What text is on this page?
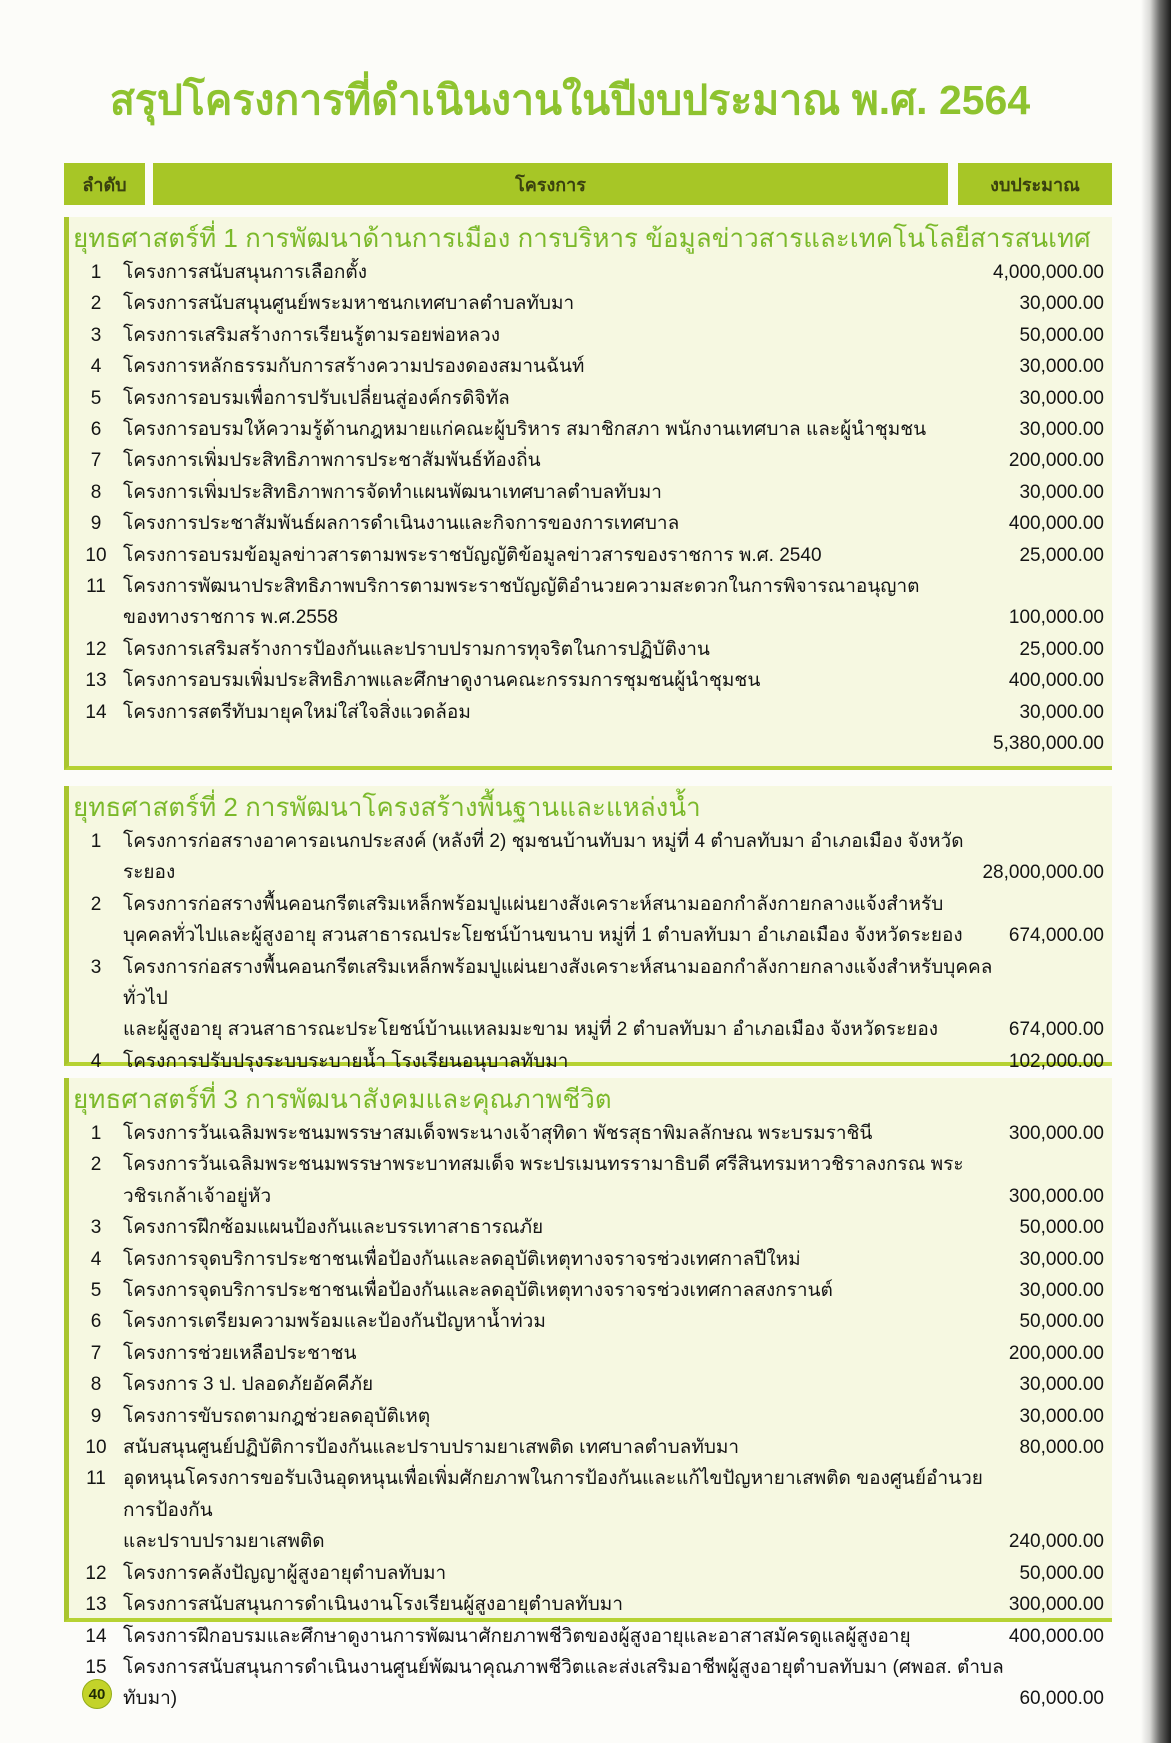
สรุปโครงการที่ดำเนินงานในปีงบประมาณ พ.ศ. 2564
ลำดับ	โครงการ	งบประมาณ
ยุทธศาสตร์ที่ 1 การพัฒนาด้านการเมือง การบริหาร ข้อมูลข่าวสารและเทคโนโลยีสารสนเทศ
1	โครงการสนับสนุนการเลือกตั้ง	4,000,000.00
2	โครงการสนับสนุนศูนย์พระมหาชนกเทศบาลตำบลทับมา	30,000.00
3	โครงการเสริมสร้างการเรียนรู้ตามรอยพ่อหลวง	50,000.00
4	โครงการหลักธรรมกับการสร้างความปรองดองสมานฉันท์	30,000.00
5	โครงการอบรมเพื่อการปรับเปลี่ยนสู่องค์กรดิจิทัล	30,000.00
6	โครงการอบรมให้ความรู้ด้านกฎหมายแก่คณะผู้บริหาร สมาชิกสภา พนักงานเทศบาล และผู้นำชุมชน	30,000.00
7	โครงการเพิ่มประสิทธิภาพการประชาสัมพันธ์ท้องถิ่น	200,000.00
8	โครงการเพิ่มประสิทธิภาพการจัดทำแผนพัฒนาเทศบาลตำบลทับมา	30,000.00
9	โครงการประชาสัมพันธ์ผลการดำเนินงานและกิจการของการเทศบาล	400,000.00
10 โครงการอบรมข้อมูลข่าวสารตามพระราชบัญญัติข้อมูลข่าวสารของราชการ พ.ศ. 2540	25,000.00
11 โครงการพัฒนาประสิทธิภาพบริการตามพระราชบัญญัติอำนวยความสะดวกในการพิจารณาอนุญาต
ของทางราชการ พ.ศ.2558	100,000.00
12 โครงการเสริมสร้างการป้องกันและปราบปรามการทุจริตในการปฏิบัติงาน	25,000.00
13 โครงการอบรมเพิ่มประสิทธิภาพและศึกษาดูงานคณะกรรมการชุมชนผู้นำชุมชน	400,000.00
14 โครงการสตรีทับมายุคใหม่ใส่ใจสิ่งแวดล้อม	30,000.00
5,380,000.00
ยุทธศาสตร์ที่ 2 การพัฒนาโครงสร้างพื้นฐานและแหล่งน้ำ
1	โครงการก่อสรางอาคารอเนกประสงค์ (หลังที่ 2) ชุมชนบ้านทับมา หมู่ที่ 4 ตำบลทับมา อำเภอเมือง จังหวัดระยอง	28,000,000.00
2	โครงการก่อสรางพื้นคอนกรีตเสริมเหล็กพร้อมปูแผ่นยางสังเคราะห์สนามออกกำลังกายกลางแจ้งสำหรับ
บุคคลทั่วไปและผู้สูงอายุ สวนสาธารณประโยชน์บ้านขนาบ หมู่ที่ 1 ตำบลทับมา อำเภอเมือง จังหวัดระยอง	674,000.00
3	โครงการก่อสรางพื้นคอนกรีตเสริมเหล็กพร้อมปูแผ่นยางสังเคราะห์สนามออกกำลังกายกลางแจ้งสำหรับบุคคลทั่วไป
และผู้สูงอายุ สวนสาธารณะประโยชน์บ้านแหลมมะขาม หมู่ที่ 2 ตำบลทับมา อำเภอเมือง จังหวัดระยอง	674,000.00
4	โครงการปรับปรุงระบบระบายน้ำ โรงเรียนอนุบาลทับมา	102,000.00
ยุทธศาสตร์ที่ 3 การพัฒนาสังคมและคุณภาพชีวิต
1	โครงการวันเฉลิมพระชนมพรรษาสมเด็จพระนางเจ้าสุทิดา พัชรสุธาพิมลลักษณ พระบรมราชินี	300,000.00
2	โครงการวันเฉลิมพระชนมพรรษาพระบาทสมเด็จ พระปรเมนทรรามาธิบดี ศรีสินทรมหาวชิราลงกรณ พระวชิรเกล้าเจ้าอยู่หัว	300,000.00
3	โครงการฝึกซ้อมแผนป้องกันและบรรเทาสาธารณภัย	50,000.00
4	โครงการจุดบริการประชาชนเพื่อป้องกันและลดอุบัติเหตุทางจราจรช่วงเทศกาลปีใหม่	30,000.00
5	โครงการจุดบริการประชาชนเพื่อป้องกันและลดอุบัติเหตุทางจราจรช่วงเทศกาลสงกรานต์	30,000.00
6	โครงการเตรียมความพร้อมและป้องกันปัญหาน้ำท่วม	50,000.00
7	โครงการช่วยเหลือประชาชน	200,000.00
8	โครงการ 3 ป. ปลอดภัยอัคคีภัย	30,000.00
9	โครงการขับรถตามกฎช่วยลดอุบัติเหตุ	30,000.00
10 สนับสนุนศูนย์ปฏิบัติการป้องกันและปราบปรามยาเสพติด เทศบาลตำบลทับมา	80,000.00
11 อุดหนุนโครงการขอรับเงินอุดหนุนเพื่อเพิ่มศักยภาพในการป้องกันและแก้ไขปัญหายาเสพติด ของศูนย์อำนวยการป้องกัน
และปราบปรามยาเสพติด	240,000.00
12 โครงการคลังปัญญาผู้สูงอายุตำบลทับมา	50,000.00
13 โครงการสนับสนุนการดำเนินงานโรงเรียนผู้สูงอายุตำบลทับมา	300,000.00
14 โครงการฝึกอบรมและศึกษาดูงานการพัฒนาศักยภาพชีวิตของผู้สูงอายุและอาสาสมัครดูแลผู้สูงอายุ	400,000.00
15 โครงการสนับสนุนการดำเนินงานศูนย์พัฒนาคุณภาพชีวิตและส่งเสริมอาชีพผู้สูงอายุตำบลทับมา (ศพอส. ตำบลทับมา)	60,000.00
40
